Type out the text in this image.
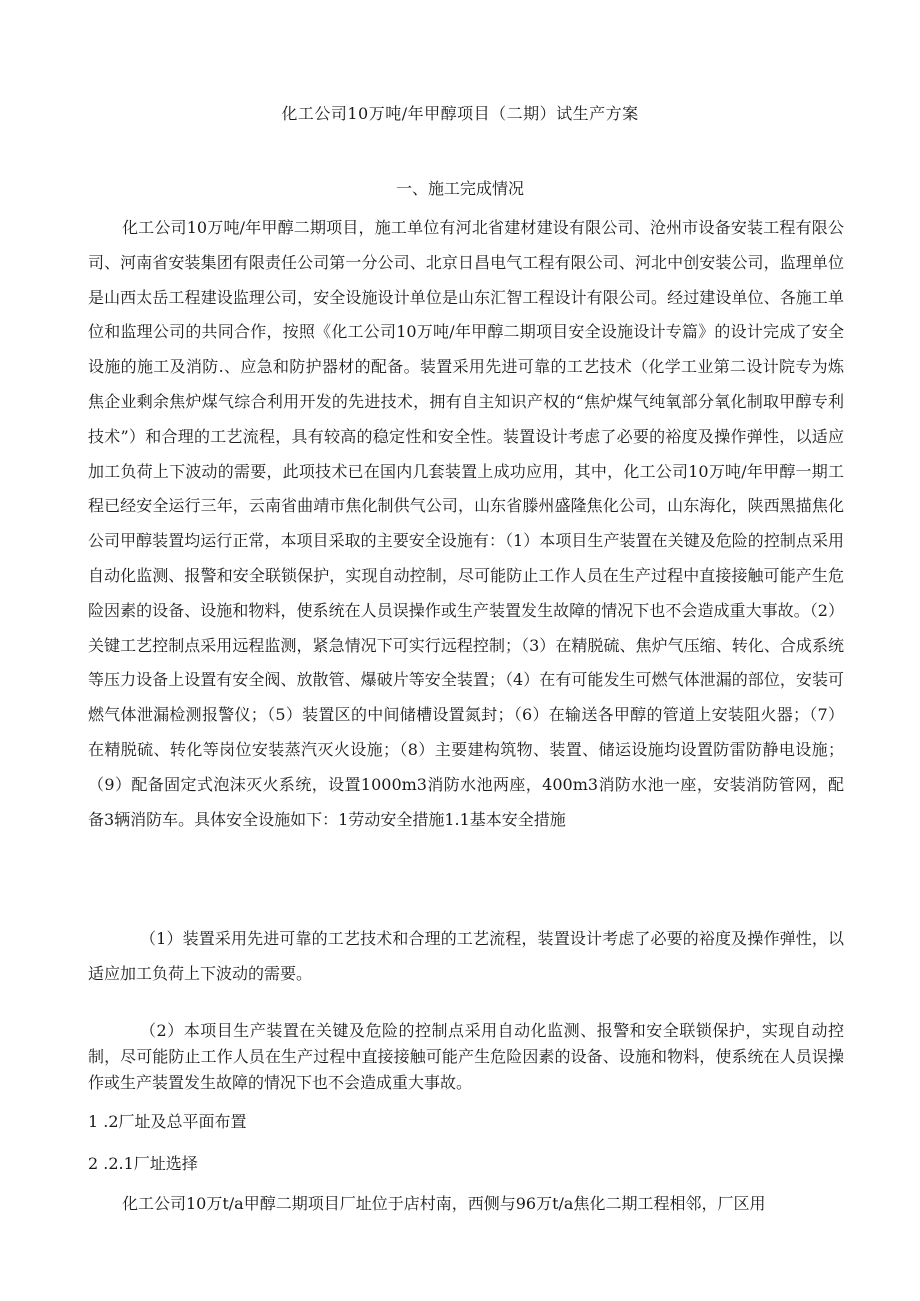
化工公司10万吨/年甲醇项目（二期）试生产方案
一、施工完成情况

化工公司10万吨/年甲醇二期项目，施工单位有河北省建材建设有限公司、沧州市设备安装工程有限公司、河南省安装集团有限责任公司第一分公司、北京日昌电气工程有限公司、河北中创安装公司，监理单位是山西太岳工程建设监理公司，安全设施设计单位是山东汇智工程设计有限公司。经过建设单位、各施工单位和监理公司的共同合作，按照《化工公司10万吨/年甲醇二期项目安全设施设计专篇》的设计完成了安全设施的施工及消防.、应急和防护器材的配备。装置采用先进可靠的工艺技术（化学工业第二设计院专为炼焦企业剩余焦炉煤气综合利用开发的先进技术，拥有自主知识产权的“焦炉煤气纯氧部分氧化制取甲醇专利技术”）和合理的工艺流程，具有较高的稳定性和安全性。装置设计考虑了必要的裕度及操作弹性，以适应加工负荷上下波动的需要，此项技术已在国内几套装置上成功应用，其中，化工公司10万吨/年甲醇一期工程已经安全运行三年，云南省曲靖市焦化制供气公司，山东省滕州盛隆焦化公司，山东海化，陕西黑描焦化公司甲醇装置均运行正常，本项目采取的主要安全设施有：（1）本项目生产装置在关键及危险的控制点采用自动化监测、报警和安全联锁保护，实现自动控制，尽可能防止工作人员在生产过程中直接接触可能产生危险因素的设备、设施和物料，使系统在人员误操作或生产装置发生故障的情况下也不会造成重大事故。（2）关键工艺控制点采用远程监测，紧急情况下可实行远程控制；（3）在精脱硫、焦炉气压缩、转化、合成系统等压力设备上设置有安全阀、放散管、爆破片等安全装置；（4）在有可能发生可燃气体泄漏的部位，安装可燃气体泄漏检测报警仪；（5）装置区的中间储槽设置氮封；（6）在输送各甲醇的管道上安装阻火器；（7）在精脱硫、转化等岗位安装蒸汽灭火设施；（8）主要建构筑物、装置、储运设施均设置防雷防静电设施；（9）配备固定式泡沫灭火系统，设置1000m3消防水池两座，400m3消防水池一座，安装消防管网，配备3辆消防车。具体安全设施如下：1劳动安全措施1.1基本安全措施

（1）装置采用先进可靠的工艺技术和合理的工艺流程，装置设计考虑了必要的裕度及操作弹性，以适应加工负荷上下波动的需要。

（2）本项目生产装置在关键及危险的控制点采用自动化监测、报警和安全联锁保护，实现自动控制，尽可能防止工作人员在生产过程中直接接触可能产生危险因素的设备、设施和物料，使系统在人员误操作或生产装置发生故障的情况下也不会造成重大事故。

1 .2厂址及总平面布置
2 .2.1厂址选择

化工公司10万t/a甲醇二期项目厂址位于店村南，西侧与96万t/a焦化二期工程相邻，厂区用
